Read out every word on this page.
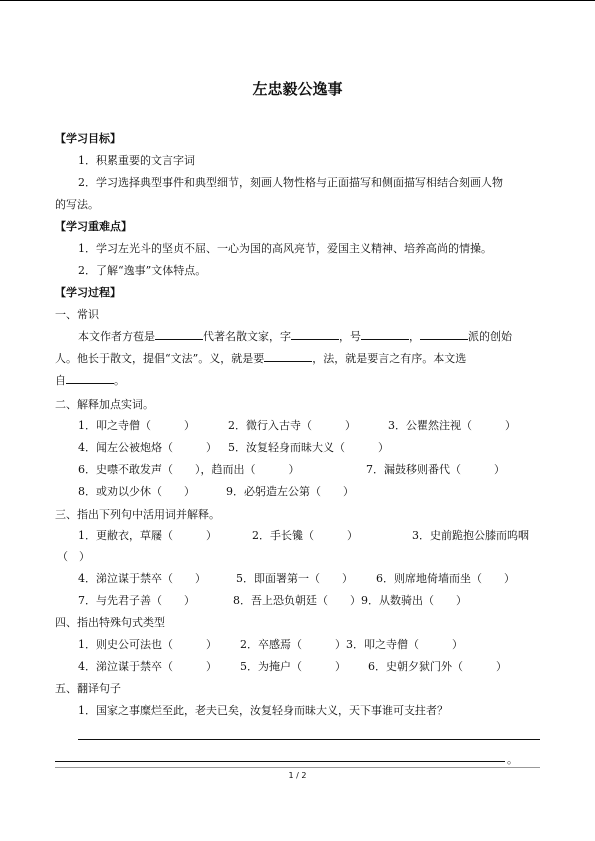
左忠毅公逸事
【学习目标】
1．积累重要的文言字词
2．学习选择典型事件和典型细节，刻画人物性格与正面描写和侧面描写相结合刻画人物
的写法。
【学习重难点】
1．学习左光斗的坚贞不屈、一心为国的高风亮节，爱国主义精神、培养高尚的情操。
2．了解“逸事”文体特点。
【学习过程】
一、常识
本文作者方苞是	代著名散文家，字	，号	，	派的创始
人。他长于散文，提倡“文法”。义，就是要	，法，就是要言之有序。本文选
自	。
二、解释加点实词。
1．叩之寺僧（　　　）	2．微行入古寺（　　　）	3．公瞿然注视（　　　）
4．闻左公被炮烙（　　　） 5．汝复轻身而昧大义（　　　）
6．史噤不敢发声（　　），趋而出（　　　）	7．漏鼓移则番代（　　　）
8．或劝以少休（　　）	9．必躬造左公第（　　）
三、指出下列句中活用词并解释。
1．更敝衣，草屦（　　　）	2．手长镵（　　　）	3．史前跪抱公膝而呜咽
（　）
4．涕泣谋于禁卒（　　）	5．即面署第一（　　） 6．则席地倚墙而坐（　　）
7．与先君子善（　　）	8．吾上恐负朝廷（　　）9．从数骑出（　　）
四、指出特殊句式类型
1．则史公可法也（　　　） 2．卒感焉（　　　）3．叩之寺僧（　　　）
4．涕泣谋于禁卒（　　　） 5．为掩户（　　　） 6．史朝夕狱门外（　　　）
五、翻译句子
1．国家之事糜烂至此，老夫已矣，汝复轻身而昧大义，天下事谁可支拄者？
。
1 / 2
